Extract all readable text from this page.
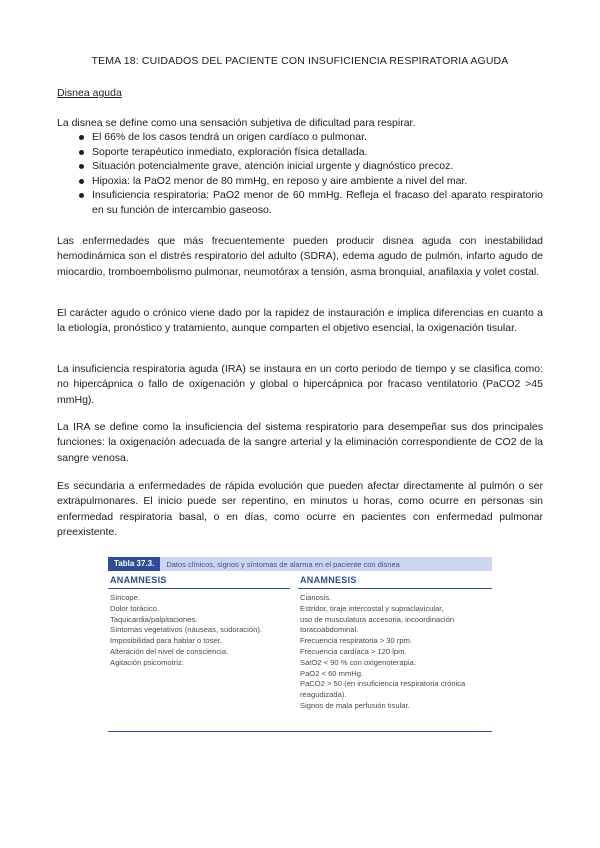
TEMA 18: CUIDADOS DEL PACIENTE CON INSUFICIENCIA RESPIRATORIA AGUDA
Disnea aguda
La disnea se define como una sensación subjetiva de dificultad para respirar.
El 66% de los casos tendrá un origen cardíaco o pulmonar.
Soporte terapéutico inmediato, exploración física detallada.
Situación potencialmente grave, atención inicial urgente y diagnóstico precoz.
Hipoxia: la PaO2 menor de 80 mmHg, en reposo y aire ambiente a nivel del mar.
Insuficiencia respiratoria: PaO2 menor de 60 mmHg. Refleja el fracaso del aparato respiratorio en su función de intercambio gaseoso.

Las enfermedades que más frecuentemente pueden producir disnea aguda con inestabilidad hemodinámica son el distrés respiratorio del adulto (SDRA), edema agudo de pulmón, infarto agudo de miocardio, tromboembolismo pulmonar, neumotórax a tensión, asma bronquial, anafilaxia y volet costal.

El carácter agudo o crónico viene dado por la rapidez de instauración e implica diferencias en cuanto a la etiología, pronóstico y tratamiento, aunque comparten el objetivo esencial, la oxigenación tisular.

La insuficiencia respiratoria aguda (IRA) se instaura en un corto periodo de tiempo y se clasifica como: no hipercápnica o fallo de oxigenación y global o hipercápnica por fracaso ventilatorio (PaCO2 >45 mmHg).

La IRA se define como la insuficiencia del sistema respiratorio para desempeñar sus dos principales funciones: la oxigenación adecuada de la sangre arterial y la eliminación correspondiente de CO2 de la sangre venosa.

Es secundaria a enfermedades de rápida evolución que pueden afectar directamente al pulmón o ser extrapulmonares. El inicio puede ser repentino, en minutos u horas, como ocurre en personas sin enfermedad respiratoria basal, o en días, como ocurre en pacientes con enfermedad pulmonar preexistente.

Tabla 37.3.	Datos clínicos, signos y síntomas de alarma en el paciente con disnea
ANAMNESIS
Síncope.
Dolor torácico.
Taquicardia/palpitaciones.
Síntomas vegetativos (náuseas, sudoración).
Imposibilidad para hablar o toser.
Alteración del nivel de consciencia.
Agitación psicomotriz.
ANAMNESIS
Cianosis.
Estridor, tiraje intercostal y supraclavicular,
uso de musculatura accesoria, incoordinación
toracoabdominal.
Frecuencia respiratoria > 30 rpm.
Frecuencia cardíaca > 120 lpm.
SatO2 < 90 % con oxigenoterapia.
PaO2 < 60 mmHg.
PaCO2 > 50 (en insuficiencia respiratoria crónica
reagudizada).
Signos de mala perfusión tisular.
